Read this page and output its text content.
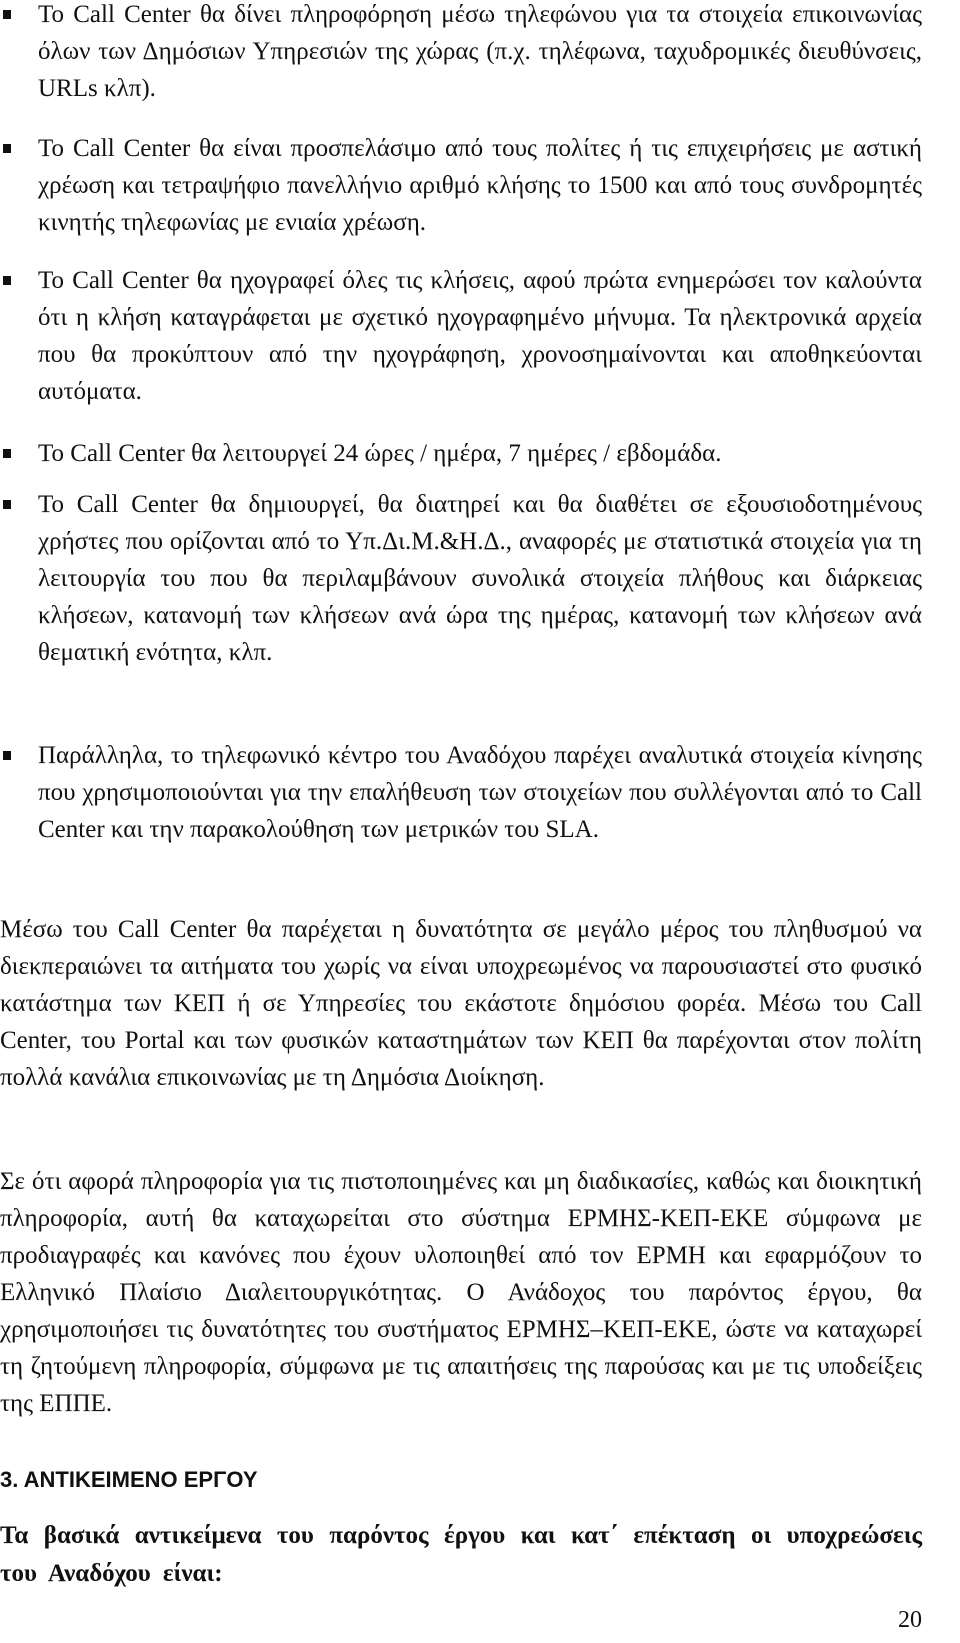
Το Call Center θα δίνει πληροφόρηση μέσω τηλεφώνου για τα στοιχεία επικοινωνίας όλων των Δημόσιων Υπηρεσιών της χώρας (π.χ. τηλέφωνα, ταχυδρομικές διευθύνσεις, URLs κλπ).
Το Call Center θα είναι προσπελάσιμο από τους πολίτες ή τις επιχειρήσεις με αστική χρέωση και τετραψήφιο πανελλήνιο αριθμό κλήσης το 1500 και από τους συνδρομητές κινητής τηλεφωνίας με ενιαία χρέωση.
Το Call Center θα ηχογραφεί όλες τις κλήσεις, αφού πρώτα ενημερώσει τον καλούντα ότι η κλήση καταγράφεται με σχετικό ηχογραφημένο μήνυμα. Τα ηλεκτρονικά αρχεία που θα προκύπτουν από την ηχογράφηση, χρονοσημαίνονται και αποθηκεύονται αυτόματα.
Το Call Center θα λειτουργεί 24 ώρες / ημέρα, 7 ημέρες / εβδομάδα.
Το Call Center θα δημιουργεί, θα διατηρεί και θα διαθέτει σε εξουσιοδοτημένους χρήστες που ορίζονται από το Υπ.Δι.Μ.&Η.Δ., αναφορές με στατιστικά στοιχεία για τη λειτουργία του που θα περιλαμβάνουν συνολικά στοιχεία πλήθους και διάρκειας κλήσεων, κατανομή των κλήσεων ανά ώρα της ημέρας, κατανομή των κλήσεων ανά θεματική ενότητα, κλπ.
Παράλληλα, το τηλεφωνικό κέντρο του Αναδόχου παρέχει αναλυτικά στοιχεία κίνησης που χρησιμοποιούνται για την επαλήθευση των στοιχείων που συλλέγονται από το Call Center και την παρακολούθηση των μετρικών του SLA.

Μέσω του Call Center θα παρέχεται η δυνατότητα σε μεγάλο μέρος του πληθυσμού να διεκπεραιώνει τα αιτήματα του χωρίς να είναι υποχρεωμένος να παρουσιαστεί στο φυσικό κατάστημα των ΚΕΠ ή σε Υπηρεσίες του εκάστοτε δημόσιου φορέα. Μέσω του Call Center, του Portal και των φυσικών καταστημάτων των ΚΕΠ θα παρέχονται στον πολίτη πολλά κανάλια επικοινωνίας με τη Δημόσια Διοίκηση.

Σε ότι αφορά πληροφορία για τις πιστοποιημένες και μη διαδικασίες, καθώς και διοικητική πληροφορία, αυτή θα καταχωρείται στο σύστημα ΕΡΜΗΣ-ΚΕΠ-ΕΚΕ σύμφωνα με προδιαγραφές και κανόνες που έχουν υλοποιηθεί από τον ΕΡΜΗ και εφαρμόζουν το Ελληνικό Πλαίσιο Διαλειτουργικότητας. Ο Ανάδοχος του παρόντος έργου, θα χρησιμοποιήσει τις δυνατότητες του συστήματος ΕΡΜΗΣ–ΚΕΠ-ΕΚΕ, ώστε να καταχωρεί τη ζητούμενη πληροφορία, σύμφωνα με τις απαιτήσεις της παρούσας και με τις υποδείξεις της ΕΠΠΕ.

3. ΑΝΤΙΚΕΙΜΕΝΟ ΕΡΓΟΥ

Τα βασικά αντικείμενα του παρόντος έργου και κατ΄ επέκταση οι υποχρεώσεις του Αναδόχου είναι:

20
